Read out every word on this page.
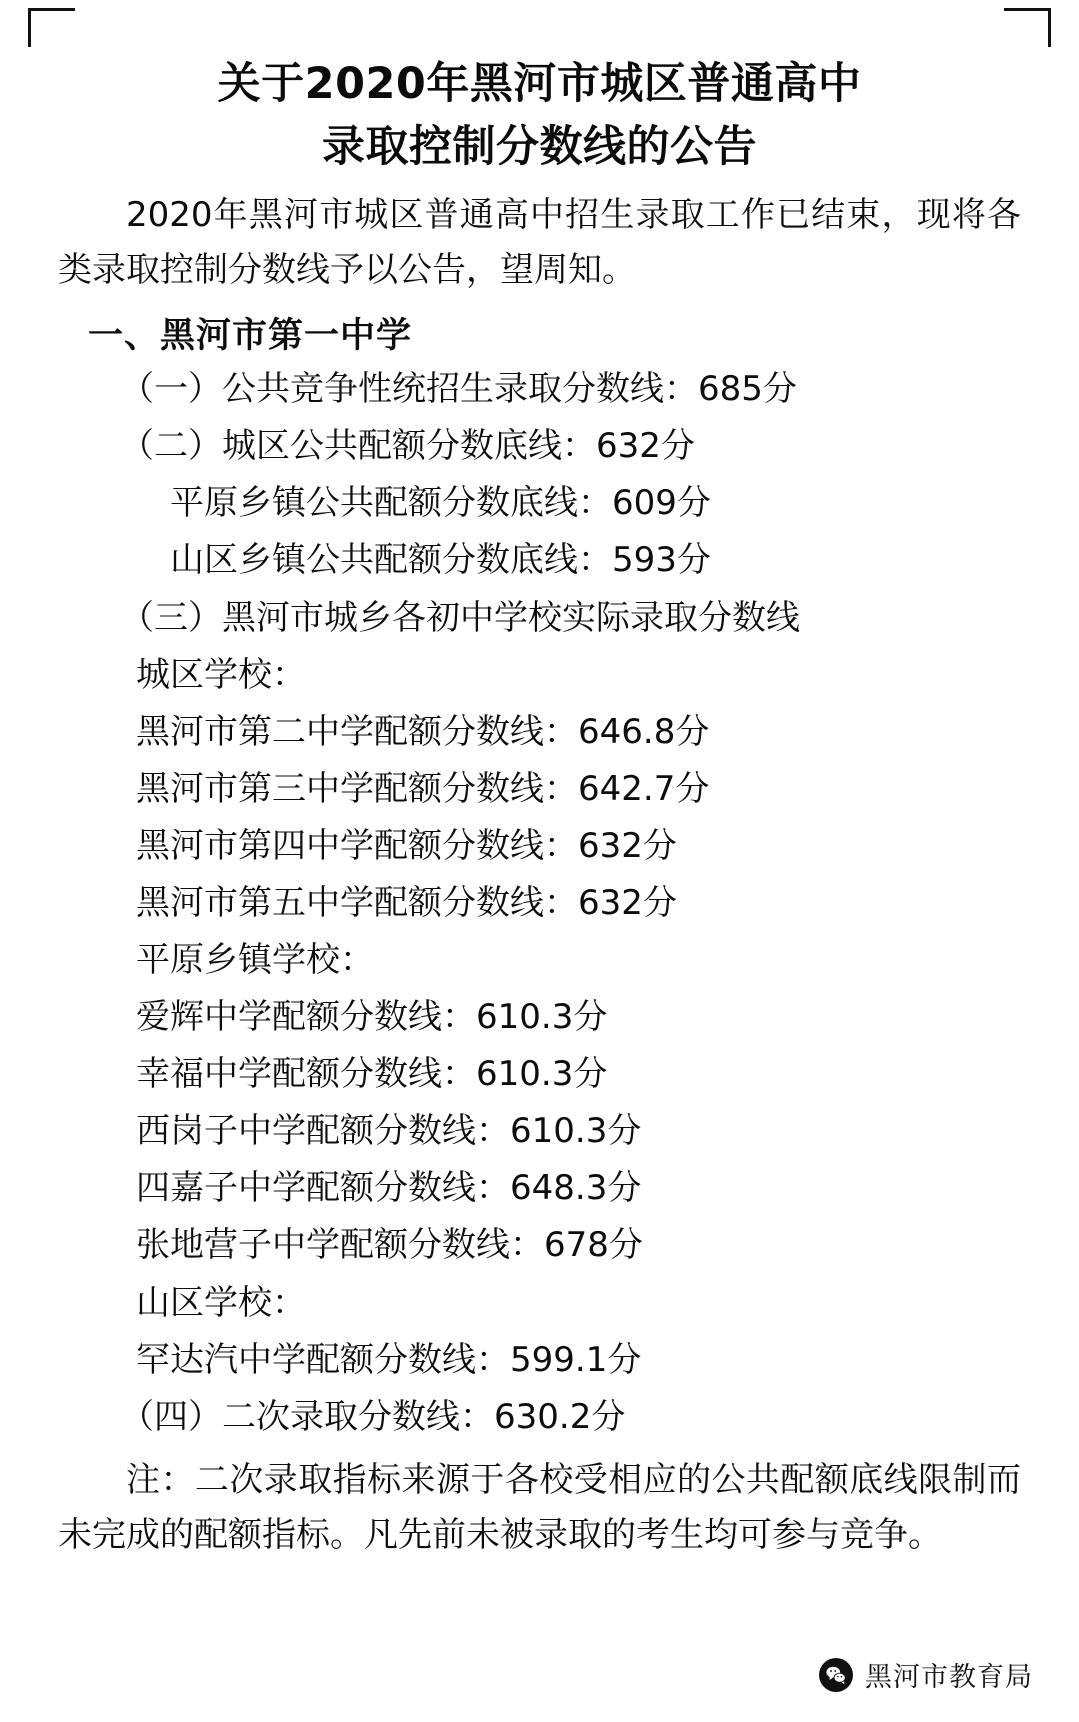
关于2020年黑河市城区普通高中
录取控制分数线的公告

2020年黑河市城区普通高中招生录取工作已结束，现将各类录取控制分数线予以公告，望周知。

一、黑河市第一中学
（一）公共竞争性统招生录取分数线：685分
（二）城区公共配额分数底线：632分
平原乡镇公共配额分数底线：609分
山区乡镇公共配额分数底线：593分
（三）黑河市城乡各初中学校实际录取分数线
城区学校：
黑河市第二中学配额分数线：646.8分
黑河市第三中学配额分数线：642.7分
黑河市第四中学配额分数线：632分
黑河市第五中学配额分数线：632分
平原乡镇学校：
爱辉中学配额分数线：610.3分
幸福中学配额分数线：610.3分
西岗子中学配额分数线：610.3分
四嘉子中学配额分数线：648.3分
张地营子中学配额分数线：678分
山区学校：
罕达汽中学配额分数线：599.1分
（四）二次录取分数线：630.2分

注：二次录取指标来源于各校受相应的公共配额底线限制而未完成的配额指标。凡先前未被录取的考生均可参与竞争。

黑河市教育局
